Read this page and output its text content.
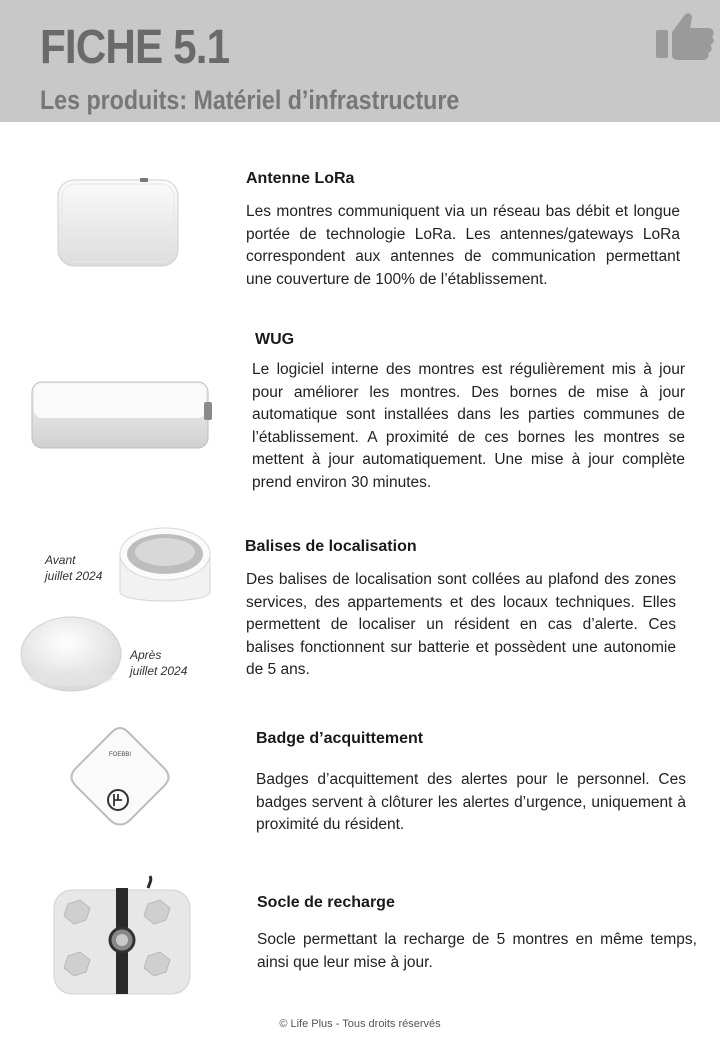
FICHE 5.1
Les produits: Matériel d’infrastructure
Antenne LoRa
Les montres communiquent via un réseau bas débit et longue portée de technologie LoRa. Les antennes/gateways LoRa correspondent aux antennes de communication permettant une couverture de 100% de l’établissement.
WUG
Le logiciel interne des montres est régulièrement mis à jour pour améliorer les montres. Des bornes de mise à jour automatique sont installées dans les parties communes de l’établissement. A proximité de ces bornes les montres se mettent à jour automatiquement. Une mise à jour complète prend environ 30 minutes.
Avant
juillet 2024
Après
juillet 2024
Balises de localisation
Des balises de localisation sont collées au plafond des zones services, des appartements et des locaux techniques. Elles permettent de localiser un résident en cas d’alerte. Ces balises fonctionnent sur batterie et possèdent une autonomie de 5 ans.
FOEBBI
Badge d’acquittement
Badges d’acquittement des alertes pour le personnel. Ces badges servent à clôturer les alertes d’urgence, uniquement à proximité du résident.
Socle de recharge
Socle permettant la recharge de 5 montres en même temps, ainsi que leur mise à jour.
© Life Plus - Tous droits réservés
